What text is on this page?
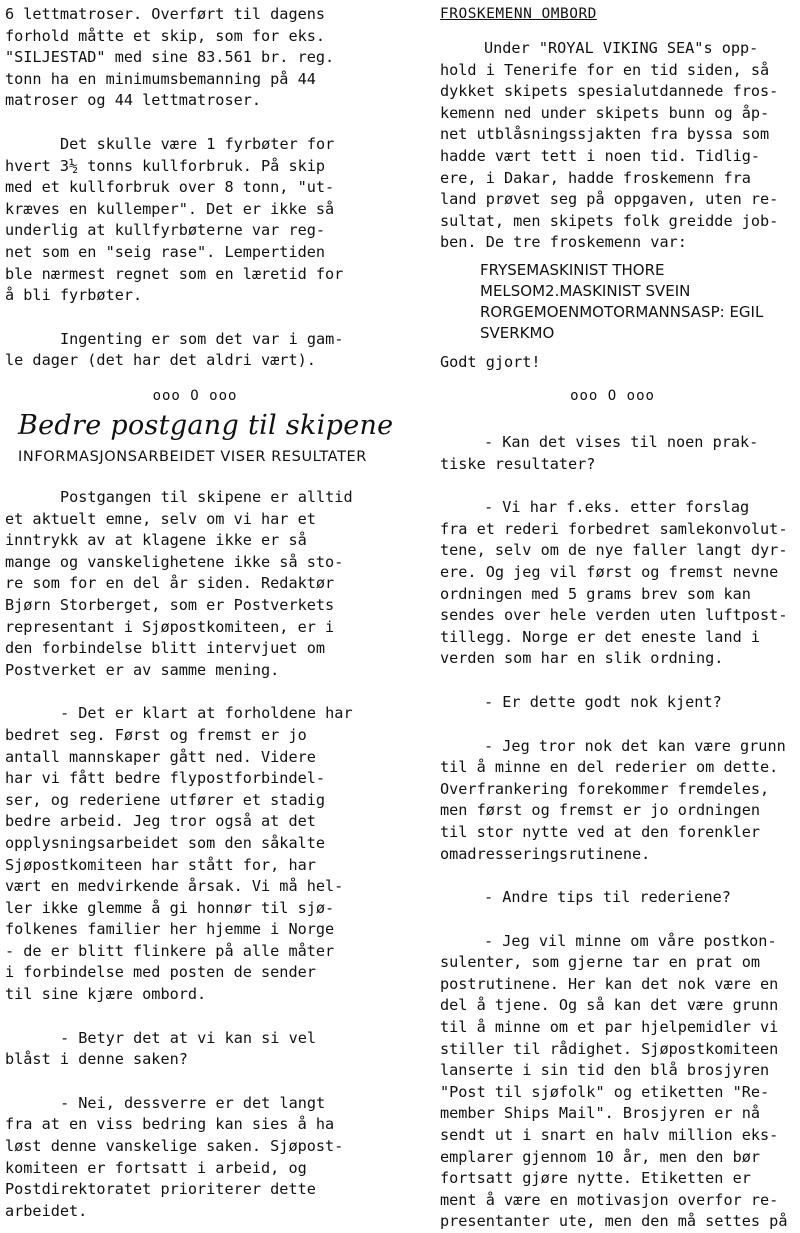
6 lettmatroser. Overført til dagens
forhold måtte et skip, som for eks.
"SILJESTAD" med sine 83.561 br. reg.
tonn ha en minimumsbemanning på 44
matroser og 44 lettmatroser.

Det skulle være 1 fyrbøter for
hvert 3½ tonns kullforbruk. På skip
med et kullforbruk over 8 tonn, "ut-
kræves en kullemper". Det er ikke så
underlig at kullfyrbøterne var reg-
net som en "seig rase". Lempertiden
ble nærmest regnet som en læretid for
å bli fyrbøter.

Ingenting er som det var i gam-
le dager (det har det aldri vært).

ooo O ooo

FROSKEMENN OMBORD

Under "ROYAL VIKING SEA"s opp-
hold i Tenerife for en tid siden, så
dykket skipets spesialutdannede fros-
kemenn ned under skipets bunn og åp-
net utblåsningssjakten fra byssa som
hadde vært tett i noen tid. Tidlig-
ere, i Dakar, hadde froskemenn fra
land prøvet seg på oppgaven, uten re-
sultat, men skipets folk greidde job-
ben. De tre froskemenn var:

FRYSEMASKINIST THORE MELSOM2.MASKINIST SVEIN RORGEMOENMOTORMANNSASP: EGIL SVERKMO

Godt gjort!

ooo O ooo

Bedre postgang til skipene

INFORMASJONSARBEIDET VISER RESULTATER

Postgangen til skipene er alltid
et aktuelt emne, selv om vi har et
inntrykk av at klagene ikke er så
mange og vanskelighetene ikke så sto-
re som for en del år siden. Redaktør
Bjørn Storberget, som er Postverkets
representant i Sjøpostkomiteen, er i
den forbindelse blitt intervjuet om
Postverket er av samme mening.

- Det er klart at forholdene har
bedret seg. Først og fremst er jo
antall mannskaper gått ned. Videre
har vi fått bedre flypostforbindel-
ser, og rederiene utfører et stadig
bedre arbeid. Jeg tror også at det
opplysningsarbeidet som den såkalte
Sjøpostkomiteen har stått for, har
vært en medvirkende årsak. Vi må hel-
ler ikke glemme å gi honnør til sjø-
folkenes familier her hjemme i Norge
- de er blitt flinkere på alle måter
i forbindelse med posten de sender
til sine kjære ombord.

- Betyr det at vi kan si vel
blåst i denne saken?

- Nei, dessverre er det langt
fra at en viss bedring kan sies å ha
løst denne vanskelige saken. Sjøpost-
komiteen er fortsatt i arbeid, og
Postdirektoratet prioriterer dette
arbeidet.

- Kan det vises til noen prak-
tiske resultater?

- Vi har f.eks. etter forslag
fra et rederi forbedret samlekonvolut-
tene, selv om de nye faller langt dyr-
ere. Og jeg vil først og fremst nevne
ordningen med 5 grams brev som kan
sendes over hele verden uten luftpost-
tillegg. Norge er det eneste land i
verden som har en slik ordning.

- Er dette godt nok kjent?

- Jeg tror nok det kan være grunn
til å minne en del rederier om dette.
Overfrankering forekommer fremdeles,
men først og fremst er jo ordningen
til stor nytte ved at den forenkler
omadresseringsrutinene.

- Andre tips til rederiene?

- Jeg vil minne om våre postkon-
sulenter, som gjerne tar en prat om
postrutinene. Her kan det nok være en
del å tjene. Og så kan det være grunn
til å minne om et par hjelpemidler vi
stiller til rådighet. Sjøpostkomiteen
lanserte i sin tid den blå brosjyren
"Post til sjøfolk" og etiketten "Re-
member Ships Mail". Brosjyren er nå
sendt ut i snart en halv million eks-
emplarer gjennom 10 år, men den bør
fortsatt gjøre nytte. Etiketten er
ment å være en motivasjon overfor re-
presentanter ute, men den må settes på
